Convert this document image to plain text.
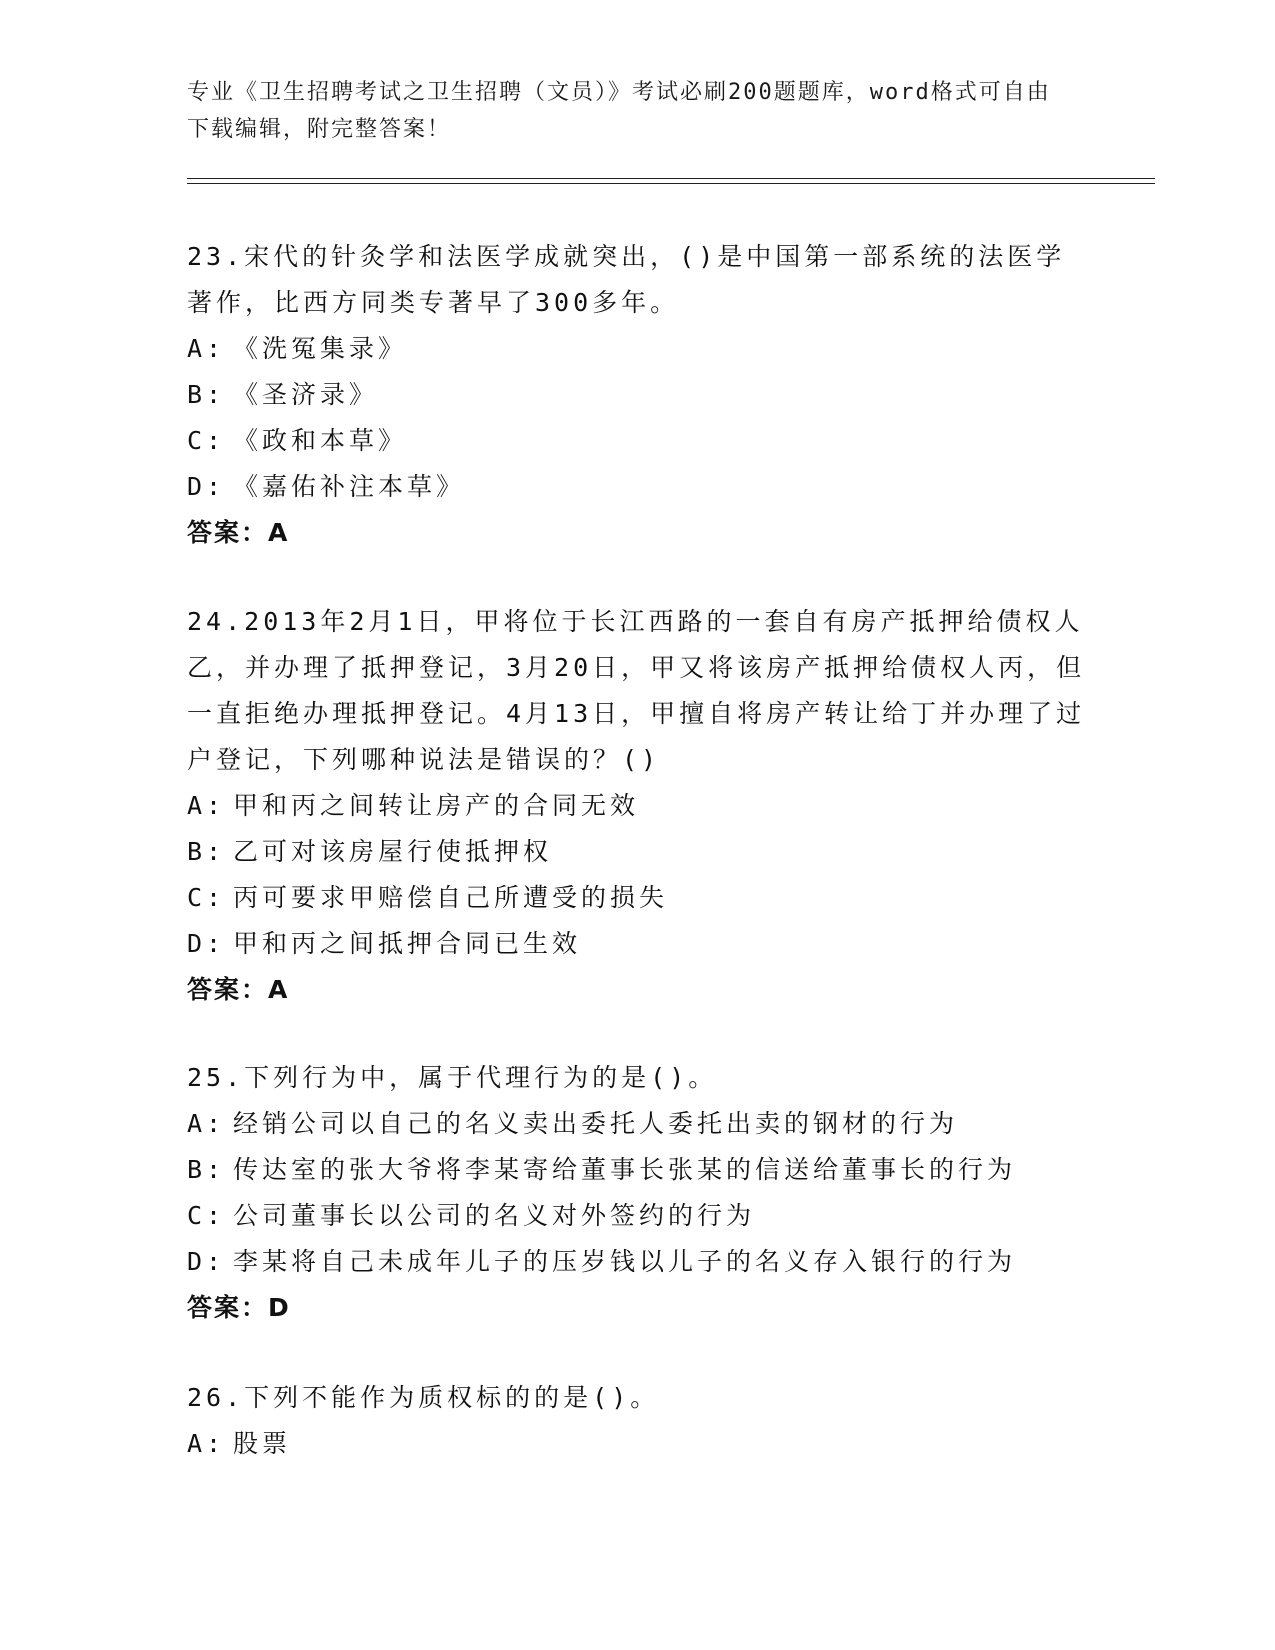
专业《卫生招聘考试之卫生招聘（文员）》考试必刷200题题库，word格式可自由下载编辑，附完整答案！

23.宋代的针灸学和法医学成就突出，()是中国第一部系统的法医学著作，比西方同类专著早了300多年。

A: 《洗冤集录》

B: 《圣济录》

C: 《政和本草》

D: 《嘉佑补注本草》

答案：A

24.2013年2月1日，甲将位于长江西路的一套自有房产抵押给债权人乙，并办理了抵押登记，3月20日，甲又将该房产抵押给债权人丙，但一直拒绝办理抵押登记。4月13日，甲擅自将房产转让给丁并办理了过户登记，下列哪种说法是错误的？()

A: 甲和丙之间转让房产的合同无效

B: 乙可对该房屋行使抵押权

C: 丙可要求甲赔偿自己所遭受的损失

D: 甲和丙之间抵押合同已生效

答案：A

25.下列行为中，属于代理行为的是()。

A: 经销公司以自己的名义卖出委托人委托出卖的钢材的行为

B: 传达室的张大爷将李某寄给董事长张某的信送给董事长的行为

C: 公司董事长以公司的名义对外签约的行为

D: 李某将自己未成年儿子的压岁钱以儿子的名义存入银行的行为

答案：D

26.下列不能作为质权标的的是()。

A: 股票
